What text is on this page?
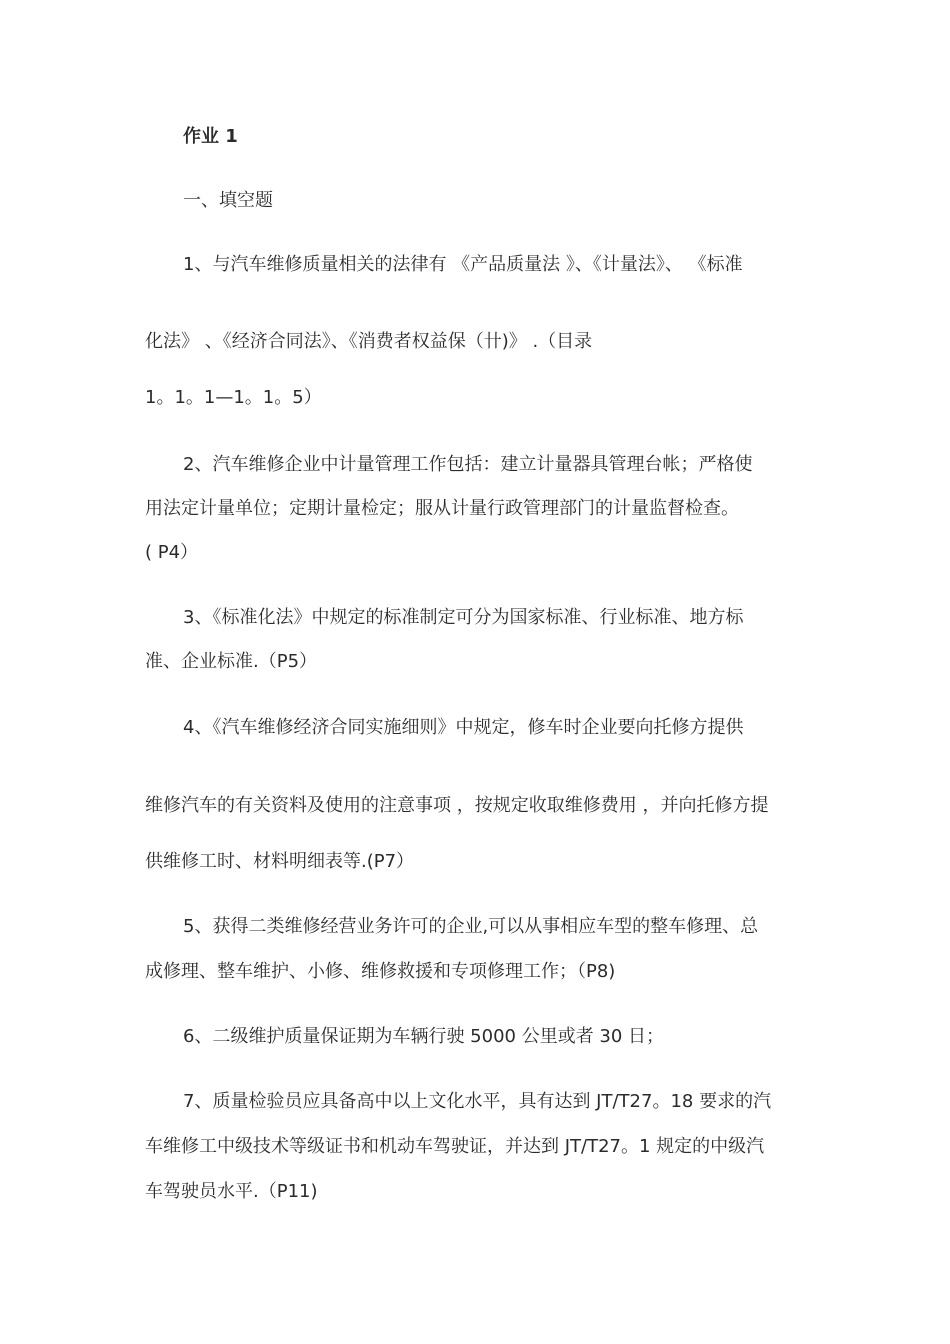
作业 1
一、填空题
1、与汽车维修质量相关的法律有 《产品质量法 》、《计量法》、 《标准
化法》 、《经济合同法》、《消费者权益保（卄)》 .（目录
1。1。1—1。1。5）
2、汽车维修企业中计量管理工作包括：建立计量器具管理台帐；严格使
用法定计量单位；定期计量检定；服从计量行政管理部门的计量监督检查。
( P4）
3、《标准化法》中规定的标准制定可分为国家标准、行业标准、地方标
准、企业标准.（P5）
4、《汽车维修经济合同实施细则》中规定，修车时企业要向托修方提供
维修汽车的有关资料及使用的注意事项 ，按规定收取维修费用 ，并向托修方提
供维修工时、材料明细表等.(P7）
5、获得二类维修经营业务许可的企业,可以从事相应车型的整车修理、总
成修理、整车维护、小修、维修救援和专项修理工作；（P8)
6、二级维护质量保证期为车辆行驶 5000 公里或者 30 日；
7、质量检验员应具备高中以上文化水平，具有达到 JT/T27。18 要求的汽
车维修工中级技术等级证书和机动车驾驶证，并达到 JT/T27。1 规定的中级汽
车驾驶员水平.（P11)
